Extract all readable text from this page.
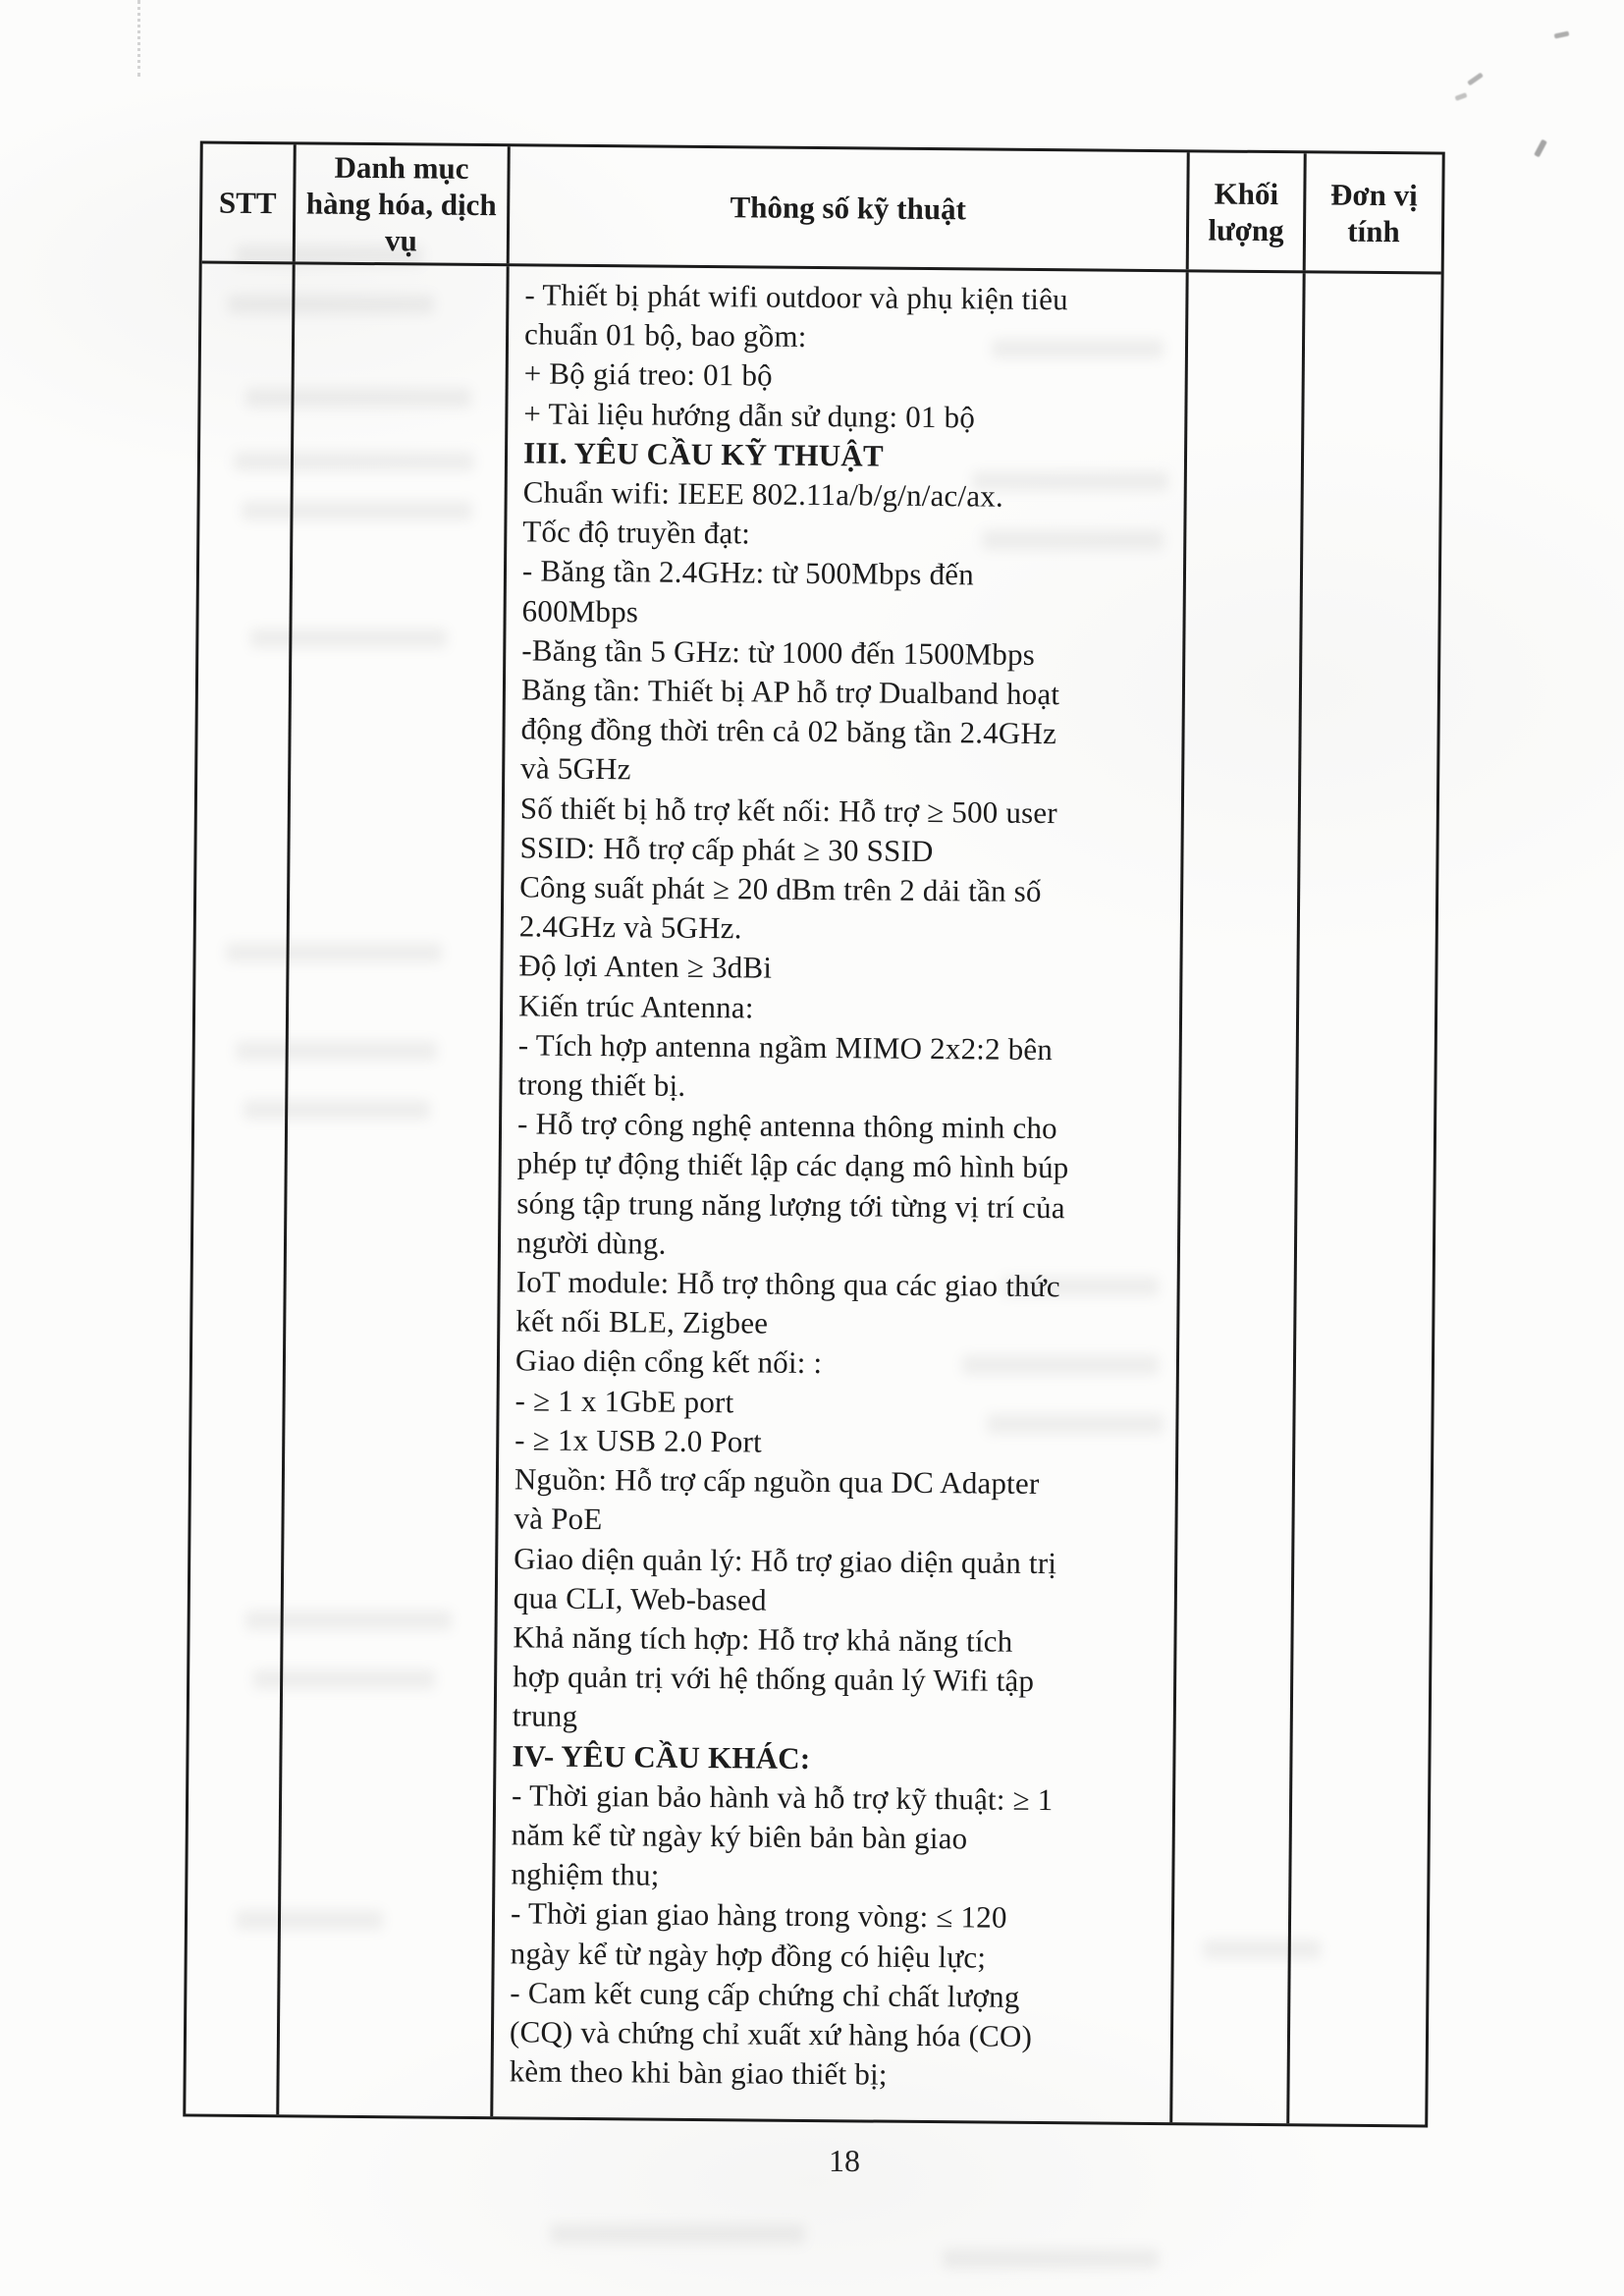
STT
Danh mục hàng hóa, dịch vụ
Thông số kỹ thuật	Khối lượng
Đơn vị tính
- Thiết bị phát wifi outdoor và phụ kiện tiêu
chuẩn 01 bộ, bao gồm:
+ Bộ giá treo: 01 bộ
+ Tài liệu hướng dẫn sử dụng: 01 bộ
III. YÊU CẦU KỸ THUẬT
Chuẩn wifi: IEEE 802.11a/b/g/n/ac/ax.
Tốc độ truyền đạt:
- Băng tần 2.4GHz: từ 500Mbps đến
600Mbps
-Băng tần 5 GHz: từ 1000 đến 1500Mbps
Băng tần: Thiết bị AP hỗ trợ Dualband hoạt
động đồng thời trên cả 02 băng tần 2.4GHz
và 5GHz
Số thiết bị hỗ trợ kết nối: Hỗ trợ ≥ 500 user
SSID: Hỗ trợ cấp phát ≥ 30 SSID
Công suất phát ≥ 20 dBm trên 2 dải tần số
2.4GHz và 5GHz.
Độ lợi Anten ≥ 3dBi
Kiến trúc Antenna:
- Tích hợp antenna ngầm MIMO 2x2:2 bên
trong thiết bị.
- Hỗ trợ công nghệ antenna thông minh cho
phép tự động thiết lập các dạng mô hình búp
sóng tập trung năng lượng tới từng vị trí của
người dùng.
IoT module: Hỗ trợ thông qua các giao thức
kết nối BLE, Zigbee
Giao diện cổng kết nối: :
- ≥ 1 x 1GbE port
- ≥ 1x USB 2.0 Port
Nguồn: Hỗ trợ cấp nguồn qua DC Adapter
và PoE
Giao diện quản lý: Hỗ trợ giao diện quản trị
qua CLI, Web-based
Khả năng tích hợp: Hỗ trợ khả năng tích
hợp quản trị với hệ thống quản lý Wifi tập
trung
IV- YÊU CẦU KHÁC:
- Thời gian bảo hành và hỗ trợ kỹ thuật: ≥ 1
năm kể từ ngày ký biên bản bàn giao
nghiệm thu;
- Thời gian giao hàng trong vòng: ≤ 120
ngày kể từ ngày hợp đồng có hiệu lực;
- Cam kết cung cấp chứng chỉ chất lượng
(CQ) và chứng chỉ xuất xứ hàng hóa (CO)
kèm theo khi bàn giao thiết bị;
18
